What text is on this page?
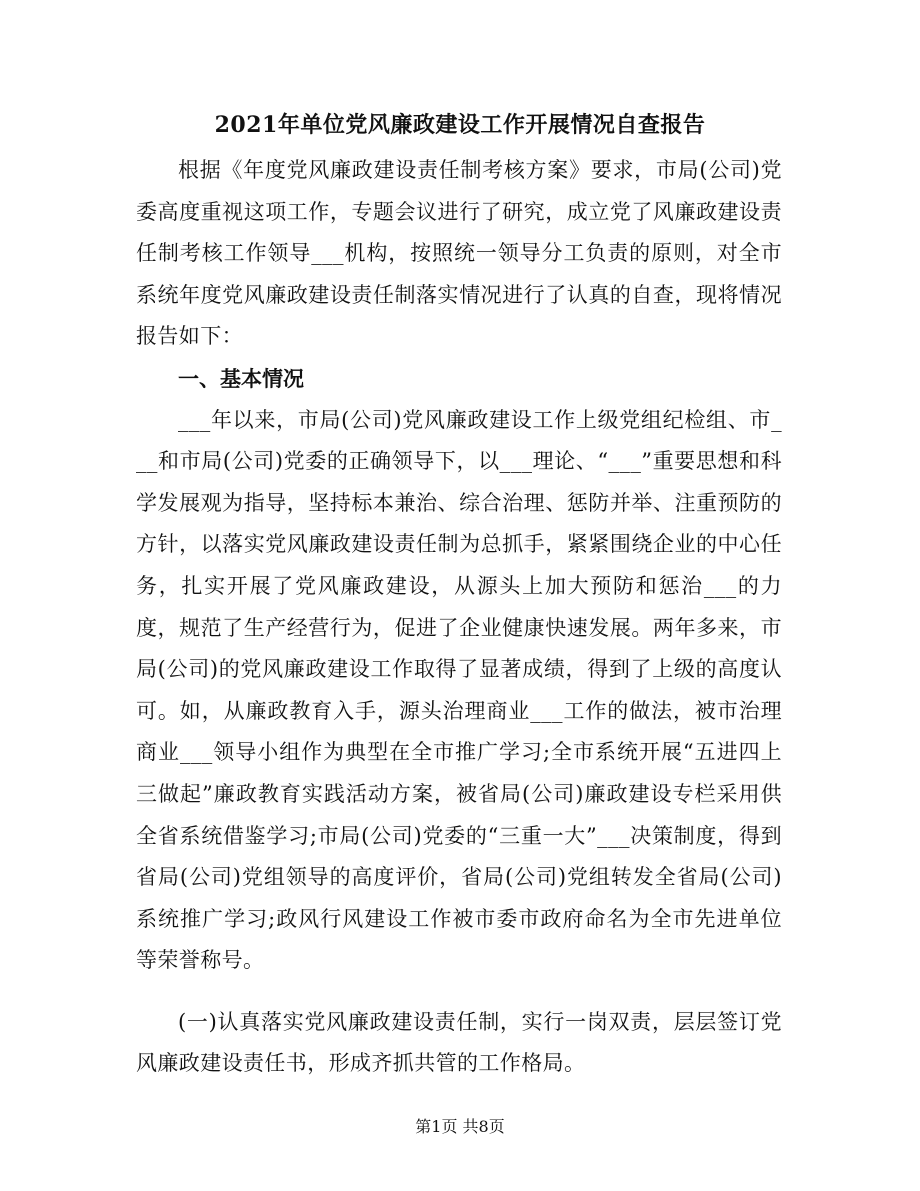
2021年单位党风廉政建设工作开展情况自查报告

根据《年度党风廉政建设责任制考核方案》要求，市局(公司)党委高度重视这项工作，专题会议进行了研究，成立党了风廉政建设责任制考核工作领导___机构，按照统一领导分工负责的原则，对全市系统年度党风廉政建设责任制落实情况进行了认真的自查，现将情况报告如下：

一、基本情况

___年以来，市局(公司)党风廉政建设工作上级党组纪检组、市___和市局(公司)党委的正确领导下，以___理论、“___”重要思想和科学发展观为指导，坚持标本兼治、综合治理、惩防并举、注重预防的方针，以落实党风廉政建设责任制为总抓手，紧紧围绕企业的中心任务，扎实开展了党风廉政建设，从源头上加大预防和惩治___的力度，规范了生产经营行为，促进了企业健康快速发展。两年多来，市局(公司)的党风廉政建设工作取得了显著成绩，得到了上级的高度认可。如，从廉政教育入手，源头治理商业___工作的做法，被市治理商业___领导小组作为典型在全市推广学习;全市系统开展“五进四上三做起”廉政教育实践活动方案，被省局(公司)廉政建设专栏采用供全省系统借鉴学习;市局(公司)党委的“三重一大”___决策制度，得到省局(公司)党组领导的高度评价，省局(公司)党组转发全省局(公司)系统推广学习;政风行风建设工作被市委市政府命名为全市先进单位等荣誉称号。

(一)认真落实党风廉政建设责任制，实行一岗双责，层层签订党风廉政建设责任书，形成齐抓共管的工作格局。

第1页 共8页
